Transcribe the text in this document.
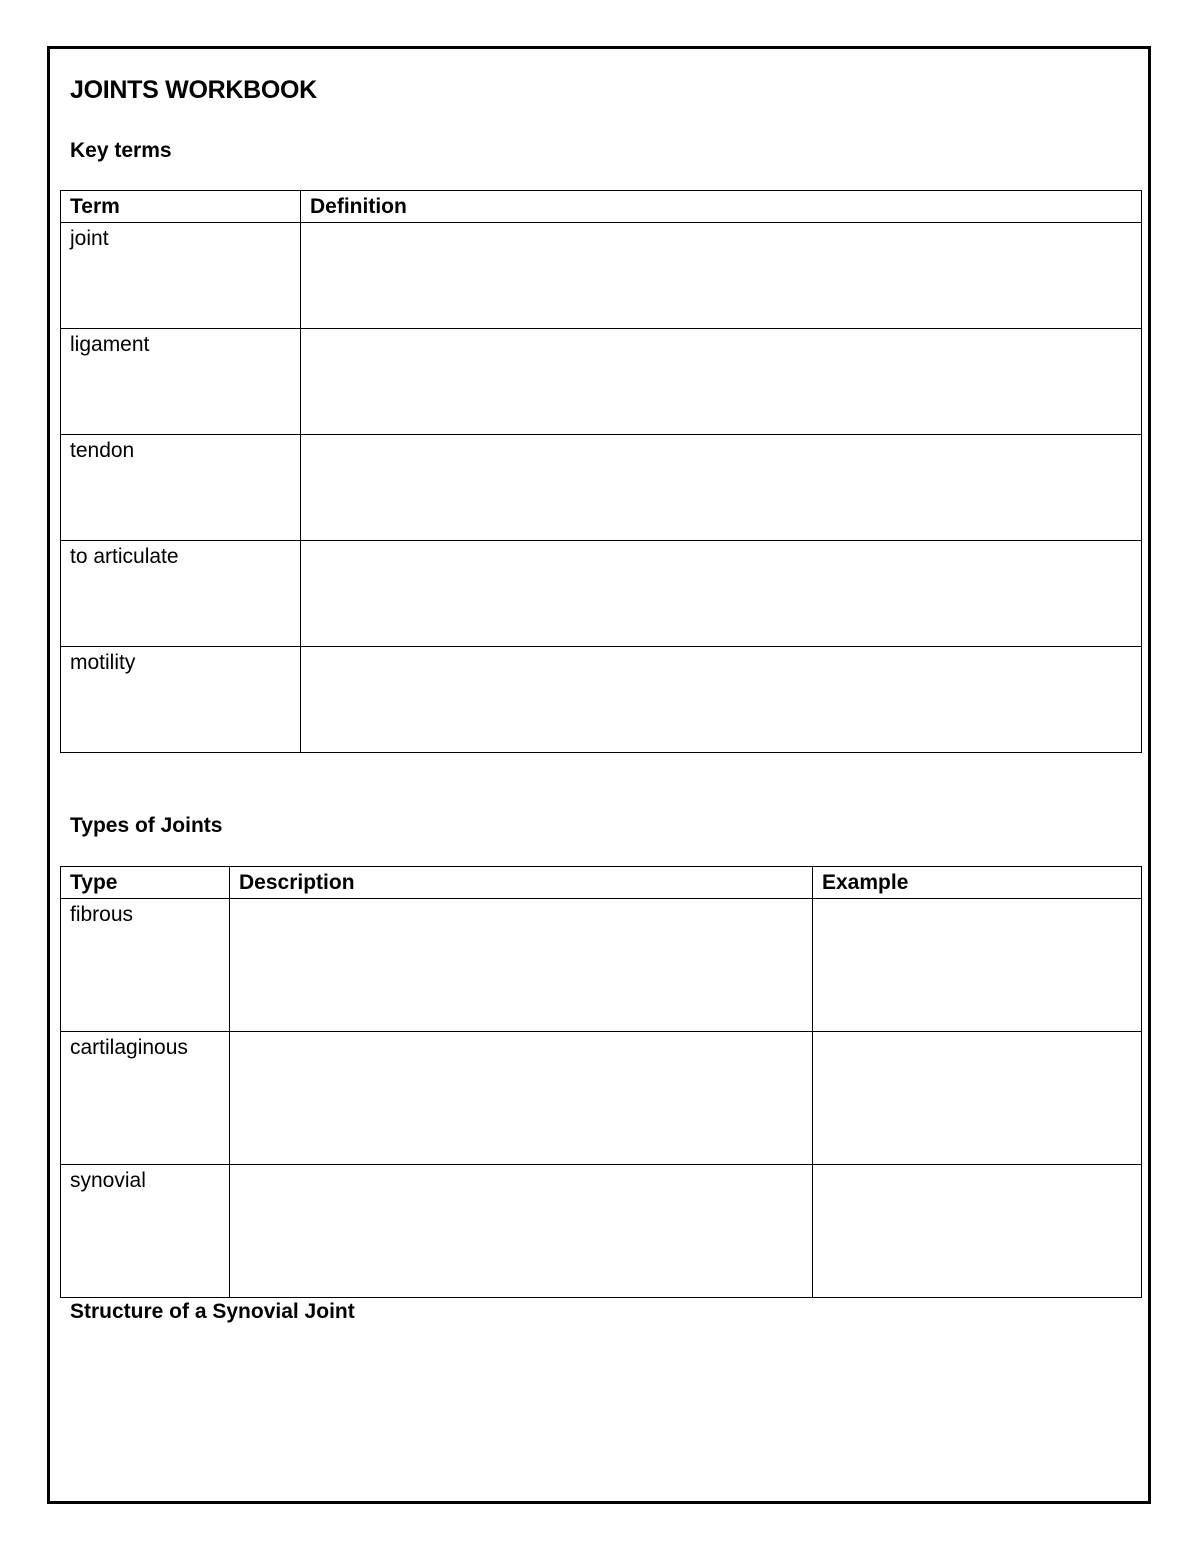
JOINTS WORKBOOK
Key terms
Term	Definition
joint	
ligament	
tendon	
to articulate	
motility	
Types of Joints
Type	Description	Example
fibrous		
cartilaginous		
synovial		
Structure of a Synovial Joint
